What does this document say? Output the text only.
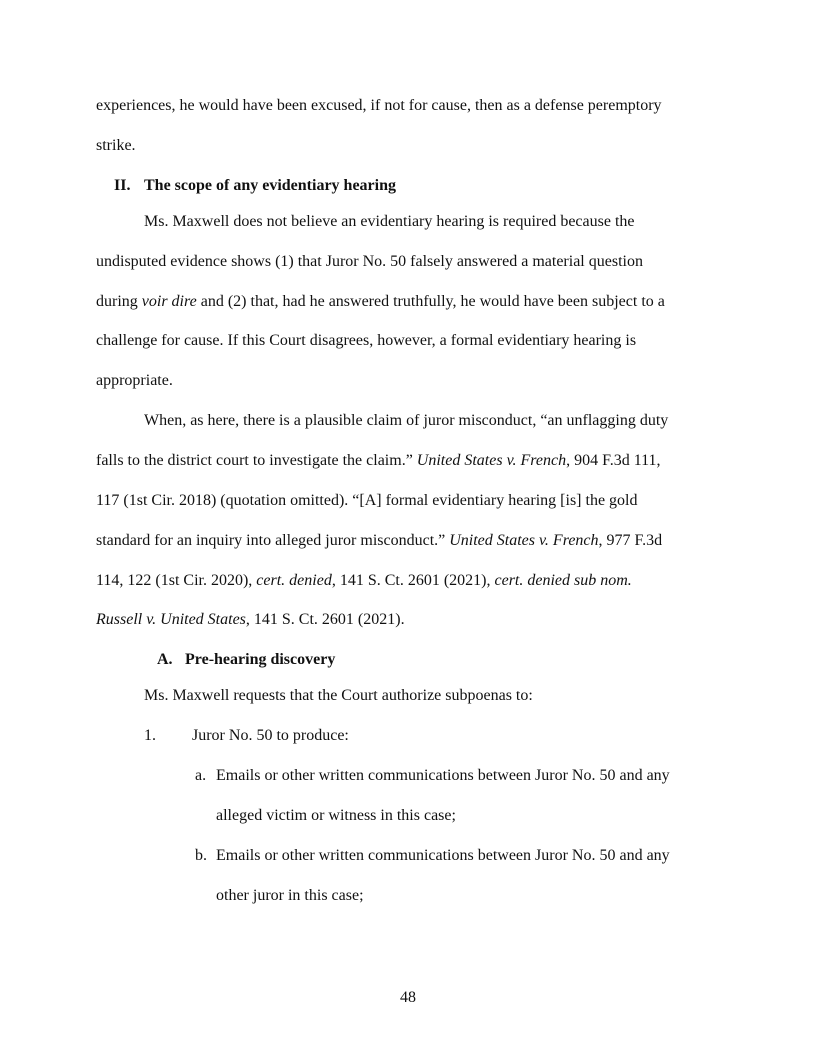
experiences, he would have been excused, if not for cause, then as a defense peremptory

strike.

II. The scope of any evidentiary hearing

Ms. Maxwell does not believe an evidentiary hearing is required because the

undisputed evidence shows (1) that Juror No. 50 falsely answered a material question

during voir dire and (2) that, had he answered truthfully, he would have been subject to a

challenge for cause. If this Court disagrees, however, a formal evidentiary hearing is

appropriate.

When, as here, there is a plausible claim of juror misconduct, “an unflagging duty

falls to the district court to investigate the claim.” United States v. French, 904 F.3d 111,

117 (1st Cir. 2018) (quotation omitted). “[A] formal evidentiary hearing [is] the gold

standard for an inquiry into alleged juror misconduct.” United States v. French, 977 F.3d

114, 122 (1st Cir. 2020), cert. denied, 141 S. Ct. 2601 (2021), cert. denied sub nom.

Russell v. United States, 141 S. Ct. 2601 (2021).

A. Pre-hearing discovery

Ms. Maxwell requests that the Court authorize subpoenas to:

1. Juror No. 50 to produce:
a. Emails or other written communications between Juror No. 50 and any
alleged victim or witness in this case;
b. Emails or other written communications between Juror No. 50 and any
other juror in this case;
48
